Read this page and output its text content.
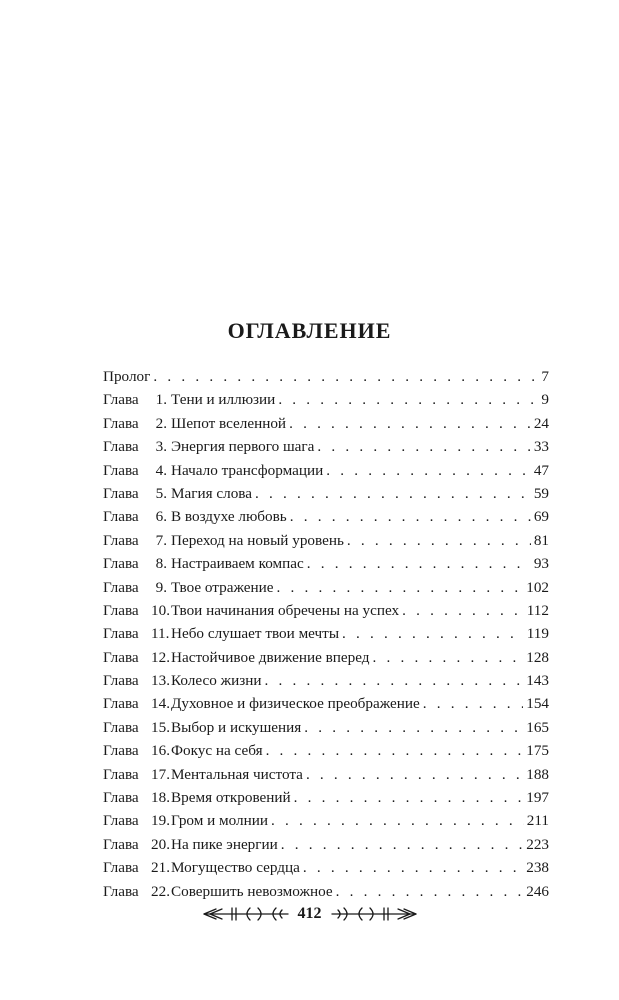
ОГЛАВЛЕНИЕ
Пролог . . .	7
Глава	1. Тени и иллюзии . . .	9
Глава	2. Шепот вселенной . . .	24
Глава	3. Энергия первого шага . . .	33
Глава	4. Начало трансформации . . .	47
Глава	5. Магия слова . . .	59
Глава	6. В воздухе любовь . . .	69
Глава	7. Переход на новый уровень . . .	81
Глава	8. Настраиваем компас . . .	93
Глава	9. Твое отражение . . .	102
Глава 10. Твои начинания обречены на успех . . .	112
Глава 11. Небо слушает твои мечты . . .	119
Глава 12. Настойчивое движение вперед . . .	128
Глава 13. Колесо жизни . . .	143
Глава 14. Духовное и физическое преображение . . .	154
Глава 15. Выбор и искушения . . .	165
Глава 16. Фокус на себя . . .	175
Глава 17. Ментальная чистота . . .	188
Глава 18. Время откровений . . .	197
Глава 19. Гром и молнии . . .	211
Глава 20. На пике энергии . . .	223
Глава 21. Могущество сердца . . .	238
Глава 22. Совершить невозможное . . .	246
412
